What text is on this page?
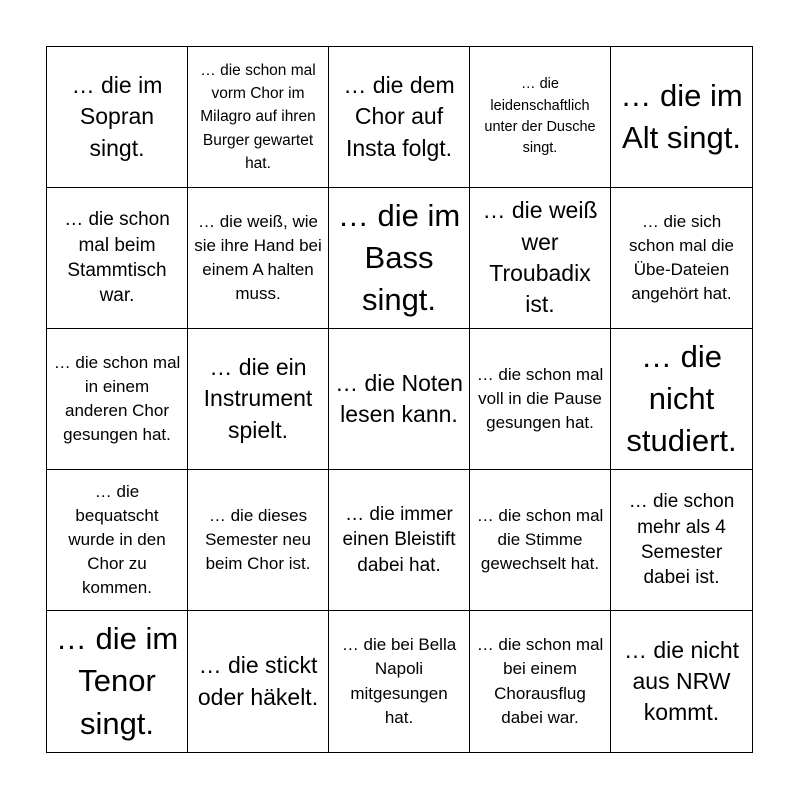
… die im Sopran singt.
… die schon mal vorm Chor im Milagro auf ihren Burger gewartet hat.
… die dem Chor auf Insta folgt.
… die leidenschaftlich unter der Dusche singt.
… die im Alt singt.
… die schon mal beim Stammtisch war.
… die weiß, wie sie ihre Hand bei einem A halten muss.
… die im Bass singt.
… die weiß wer Troubadix ist.
… die sich schon mal die Übe-Dateien angehört hat.
… die schon mal in einem anderen Chor gesungen hat.
… die ein Instrument spielt.
… die Noten lesen kann.
… die schon mal voll in die Pause gesungen hat.
… die nicht studiert.
… die bequatscht wurde in den Chor zu kommen.
… die dieses Semester neu beim Chor ist.
… die immer einen Bleistift dabei hat.
… die schon mal die Stimme gewechselt hat.
… die schon mehr als 4 Semester dabei ist.
… die im Tenor singt.
… die stickt oder häkelt.
… die bei Bella Napoli mitgesungen hat.
… die schon mal bei einem Chorausflug dabei war.
… die nicht aus NRW kommt.
